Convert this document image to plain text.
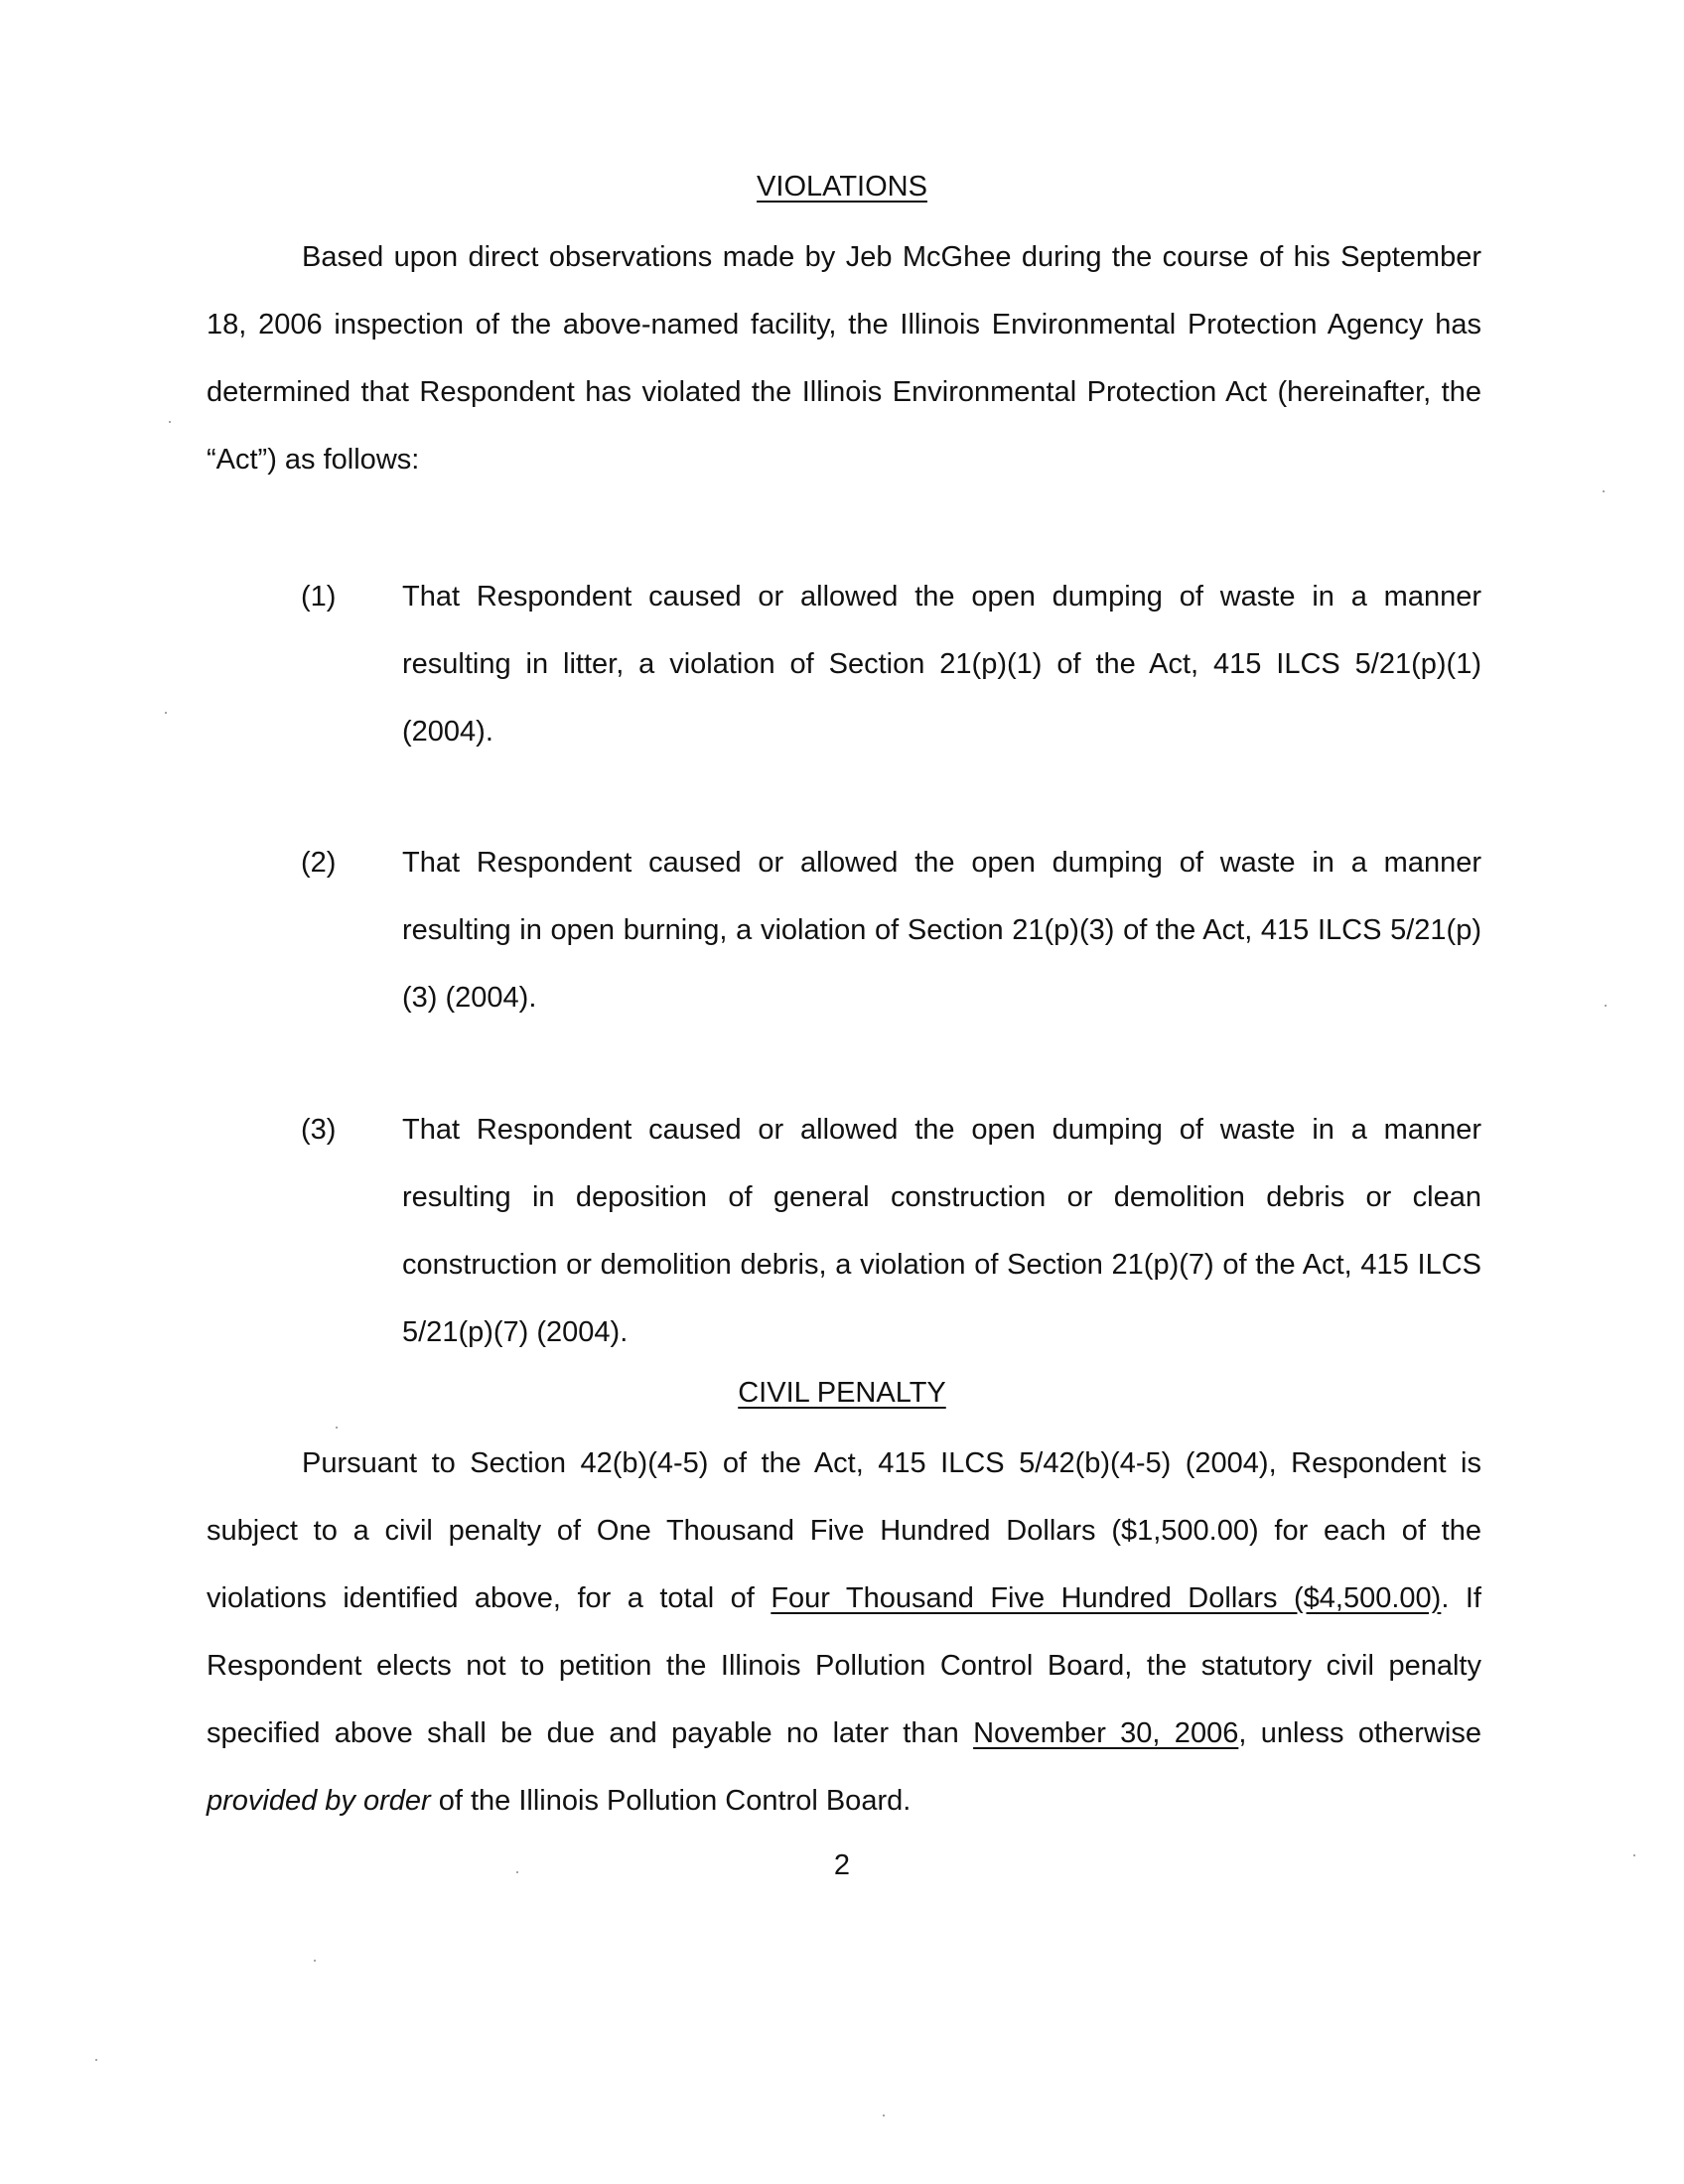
VIOLATIONS
Based upon direct observations made by Jeb McGhee during the course of his September 18, 2006 inspection of the above-named facility, the Illinois Environmental Protection Agency has determined that Respondent has violated the Illinois Environmental Protection Act (hereinafter, the “Act”) as follows:
(1) That Respondent caused or allowed the open dumping of waste in a manner resulting in litter, a violation of Section 21(p)(1) of the Act, 415 ILCS 5/21(p)(1) (2004).
(2) That Respondent caused or allowed the open dumping of waste in a manner resulting in open burning, a violation of Section 21(p)(3) of the Act, 415 ILCS 5/21(p)(3) (2004).
(3) That Respondent caused or allowed the open dumping of waste in a manner resulting in deposition of general construction or demolition debris or clean construction or demolition debris, a violation of Section 21(p)(7) of the Act, 415 ILCS 5/21(p)(7) (2004).
CIVIL PENALTY
Pursuant to Section 42(b)(4-5) of the Act, 415 ILCS 5/42(b)(4-5) (2004), Respondent is subject to a civil penalty of One Thousand Five Hundred Dollars ($1,500.00) for each of the violations identified above, for a total of Four Thousand Five Hundred Dollars ($4,500.00). If Respondent elects not to petition the Illinois Pollution Control Board, the statutory civil penalty specified above shall be due and payable no later than November 30, 2006, unless otherwise provided by order of the Illinois Pollution Control Board.
2
